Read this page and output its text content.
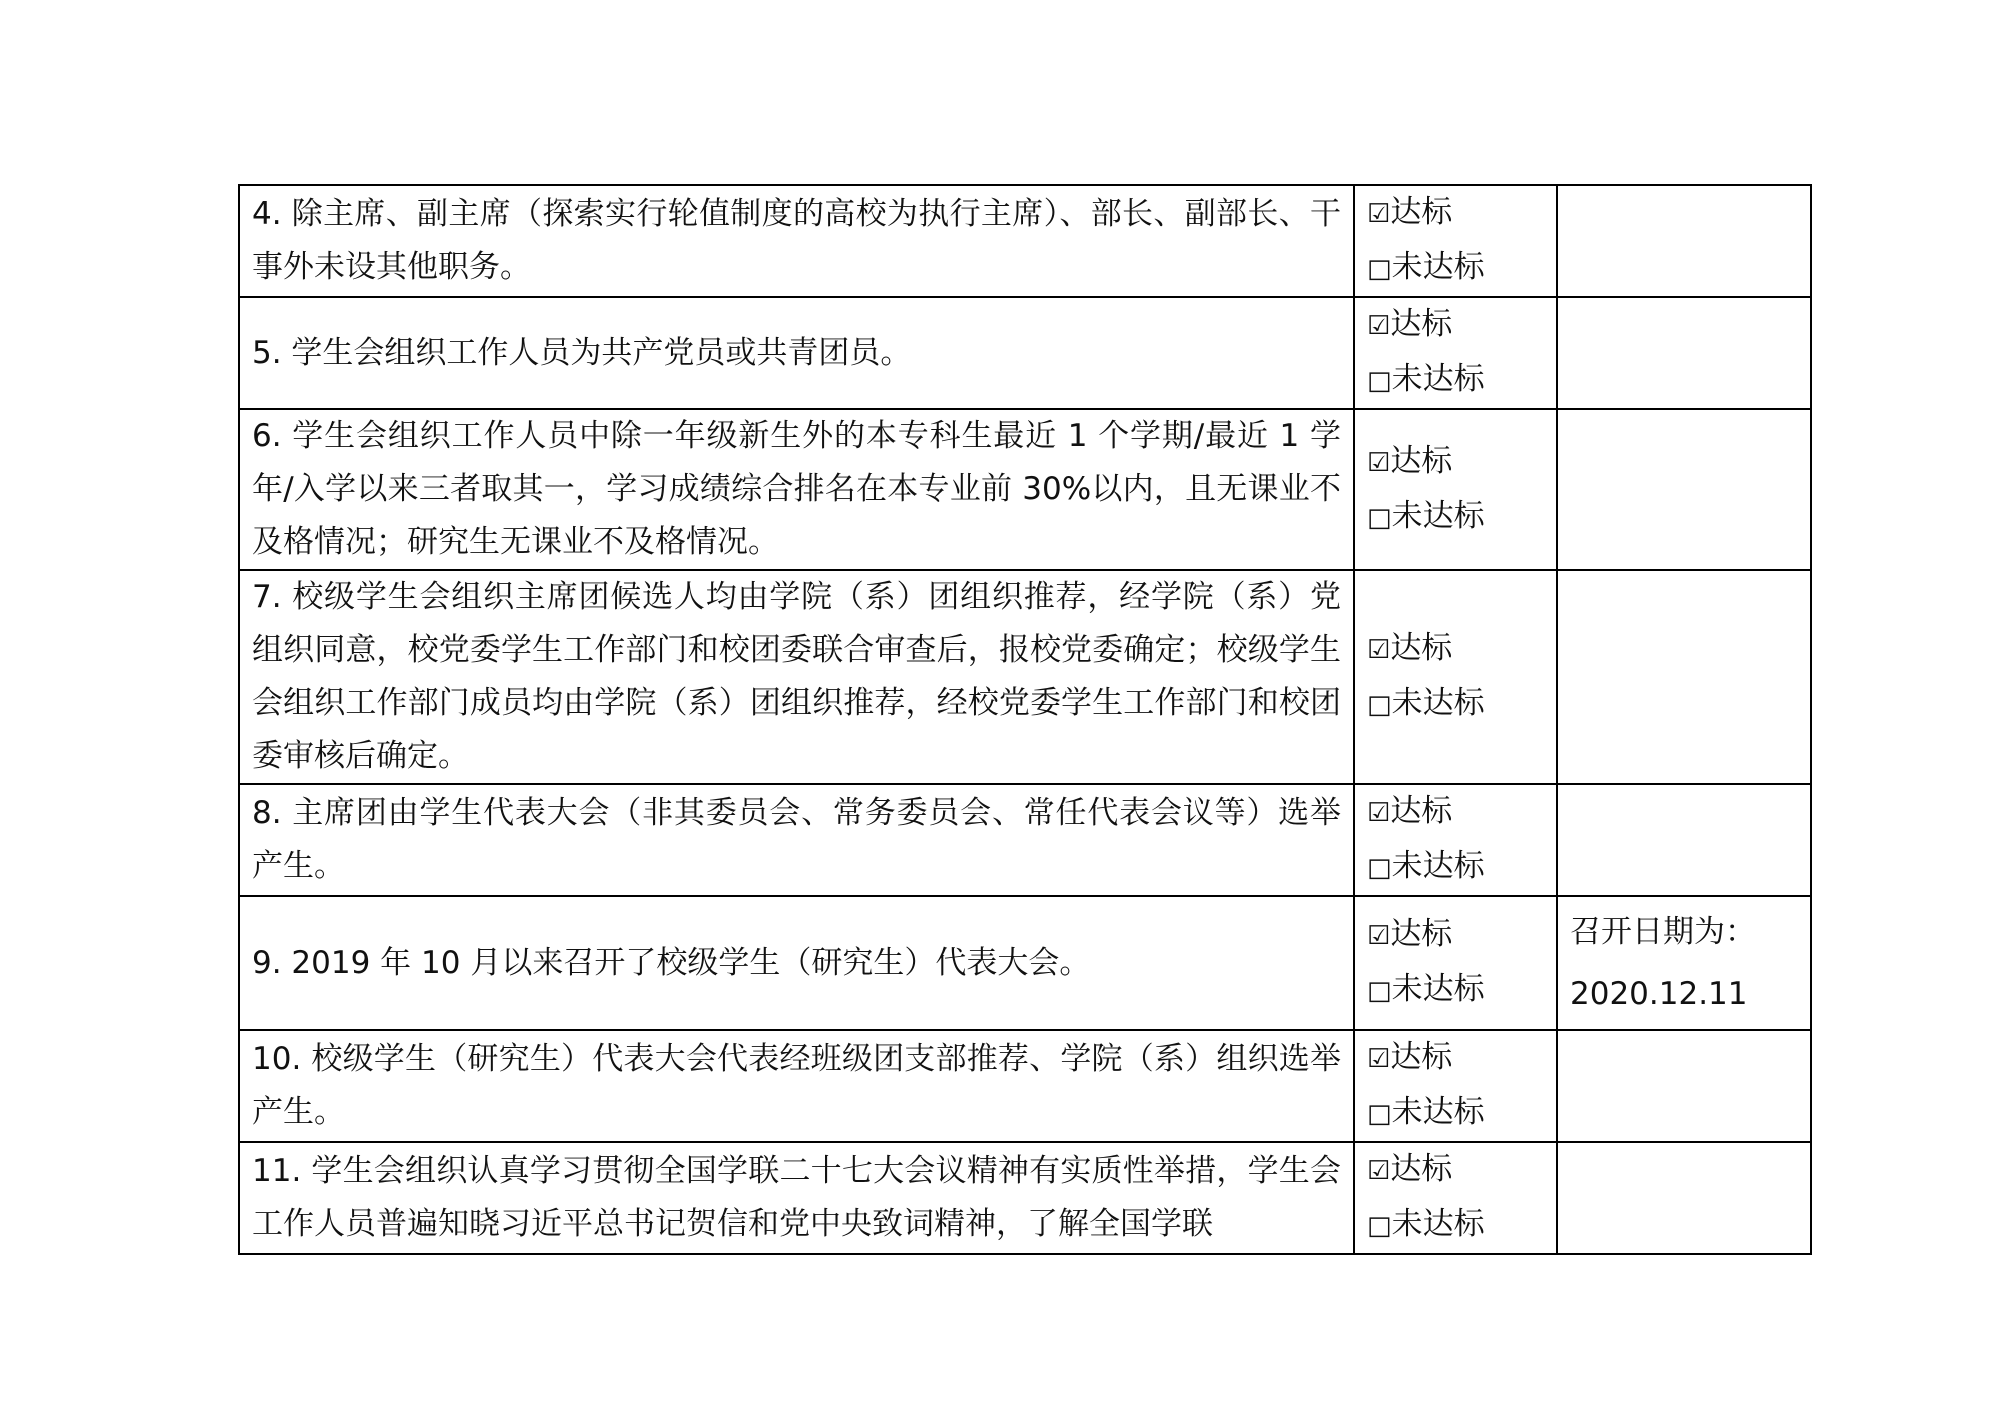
4. 除主席、副主席（探索实行轮值制度的高校为执行主席）、部长、副部长、干事外未设其他职务。	☑达标
□未达标	

5. 学生会组织工作人员为共产党员或共青团员。	☑达标
□未达标	

6. 学生会组织工作人员中除一年级新生外的本专科生最近 1 个学期/最近 1 学年/入学以来三者取其一，学习成绩综合排名在本专业前 30%以内，且无课业不及格情况；研究生无课业不及格情况。	☑达标
□未达标	

7. 校级学生会组织主席团候选人均由学院（系）团组织推荐，经学院（系）党组织同意，校党委学生工作部门和校团委联合审查后，报校党委确定；校级学生会组织工作部门成员均由学院（系）团组织推荐，经校党委学生工作部门和校团委审核后确定。	☑达标
□未达标	

8. 主席团由学生代表大会（非其委员会、常务委员会、常任代表会议等）选举产生。	☑达标
□未达标	

9. 2019 年 10 月以来召开了校级学生（研究生）代表大会。	☑达标
□未达标	召开日期为：2020.12.11
10. 校级学生（研究生）代表大会代表经班级团支部推荐、学院（系）组织选举产生。	☑达标
□未达标	

11. 学生会组织认真学习贯彻全国学联二十七大会议精神有实质性举措，学生会工作人员普遍知晓习近平总书记贺信和党中央致词精神，了解全国学联	☑达标
□未达标	
